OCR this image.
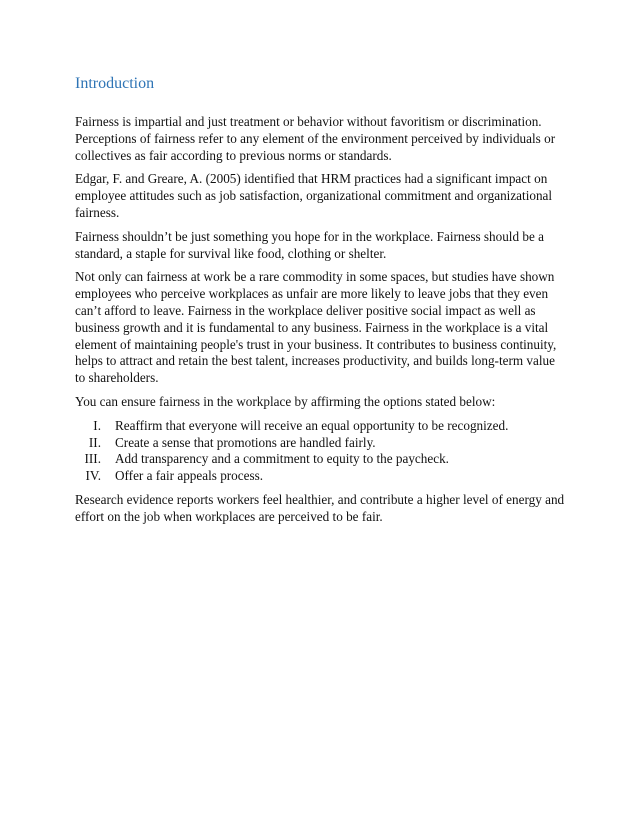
Introduction

Fairness is impartial and just treatment or behavior without favoritism or discrimination. Perceptions of fairness refer to any element of the environment perceived by individuals or collectives as fair according to previous norms or standards.

Edgar, F. and Greare, A. (2005) identified that HRM practices had a significant impact on employee attitudes such as job satisfaction, organizational commitment and organizational fairness.

Fairness shouldn’t be just something you hope for in the workplace. Fairness should be a standard, a staple for survival like food, clothing or shelter.

Not only can fairness at work be a rare commodity in some spaces, but studies have shown employees who perceive workplaces as unfair are more likely to leave jobs that they even can’t afford to leave. Fairness in the workplace deliver positive social impact as well as business growth and it is fundamental to any business. Fairness in the workplace is a vital element of maintaining people's trust in your business. It contributes to business continuity, helps to attract and retain the best talent, increases productivity, and builds long-term value to shareholders.

You can ensure fairness in the workplace by affirming the options stated below:

I.	Reaffirm that everyone will receive an equal opportunity to be recognized.
II.	Create a sense that promotions are handled fairly.
III.	Add transparency and a commitment to equity to the paycheck.
IV.	Offer a fair appeals process.

Research evidence reports workers feel healthier, and contribute a higher level of energy and effort on the job when workplaces are perceived to be fair.
